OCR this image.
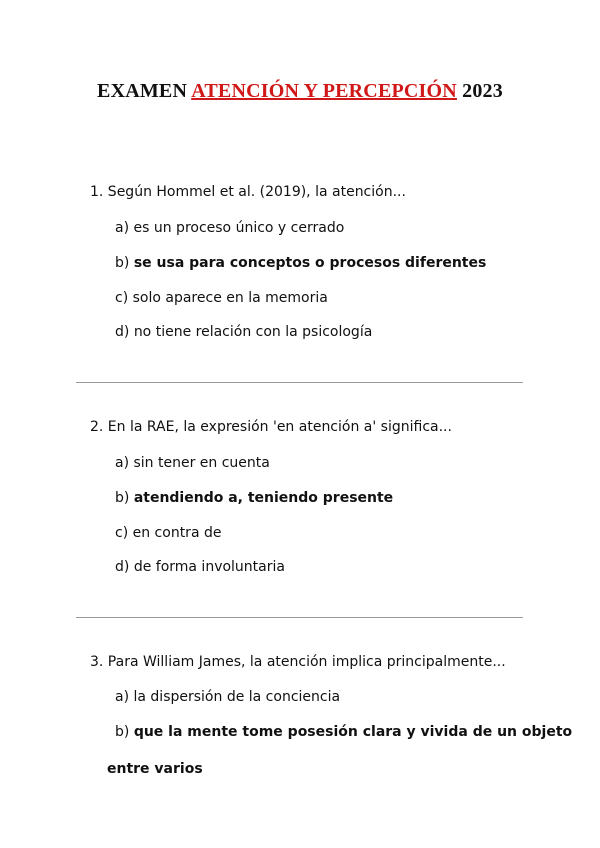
EXAMEN ATENCIÓN Y PERCEPCIÓN 2023
1. Según Hommel et al. (2019), la atención...
a) es un proceso único y cerrado
b) se usa para conceptos o procesos diferentes
c) solo aparece en la memoria
d) no tiene relación con la psicología
2. En la RAE, la expresión 'en atención a' significa...
a) sin tener en cuenta
b) atendiendo a, teniendo presente
c) en contra de
d) de forma involuntaria
3. Para William James, la atención implica principalmente...
a) la dispersión de la conciencia
b) que la mente tome posesión clara y vivida de un objeto
entre varios
